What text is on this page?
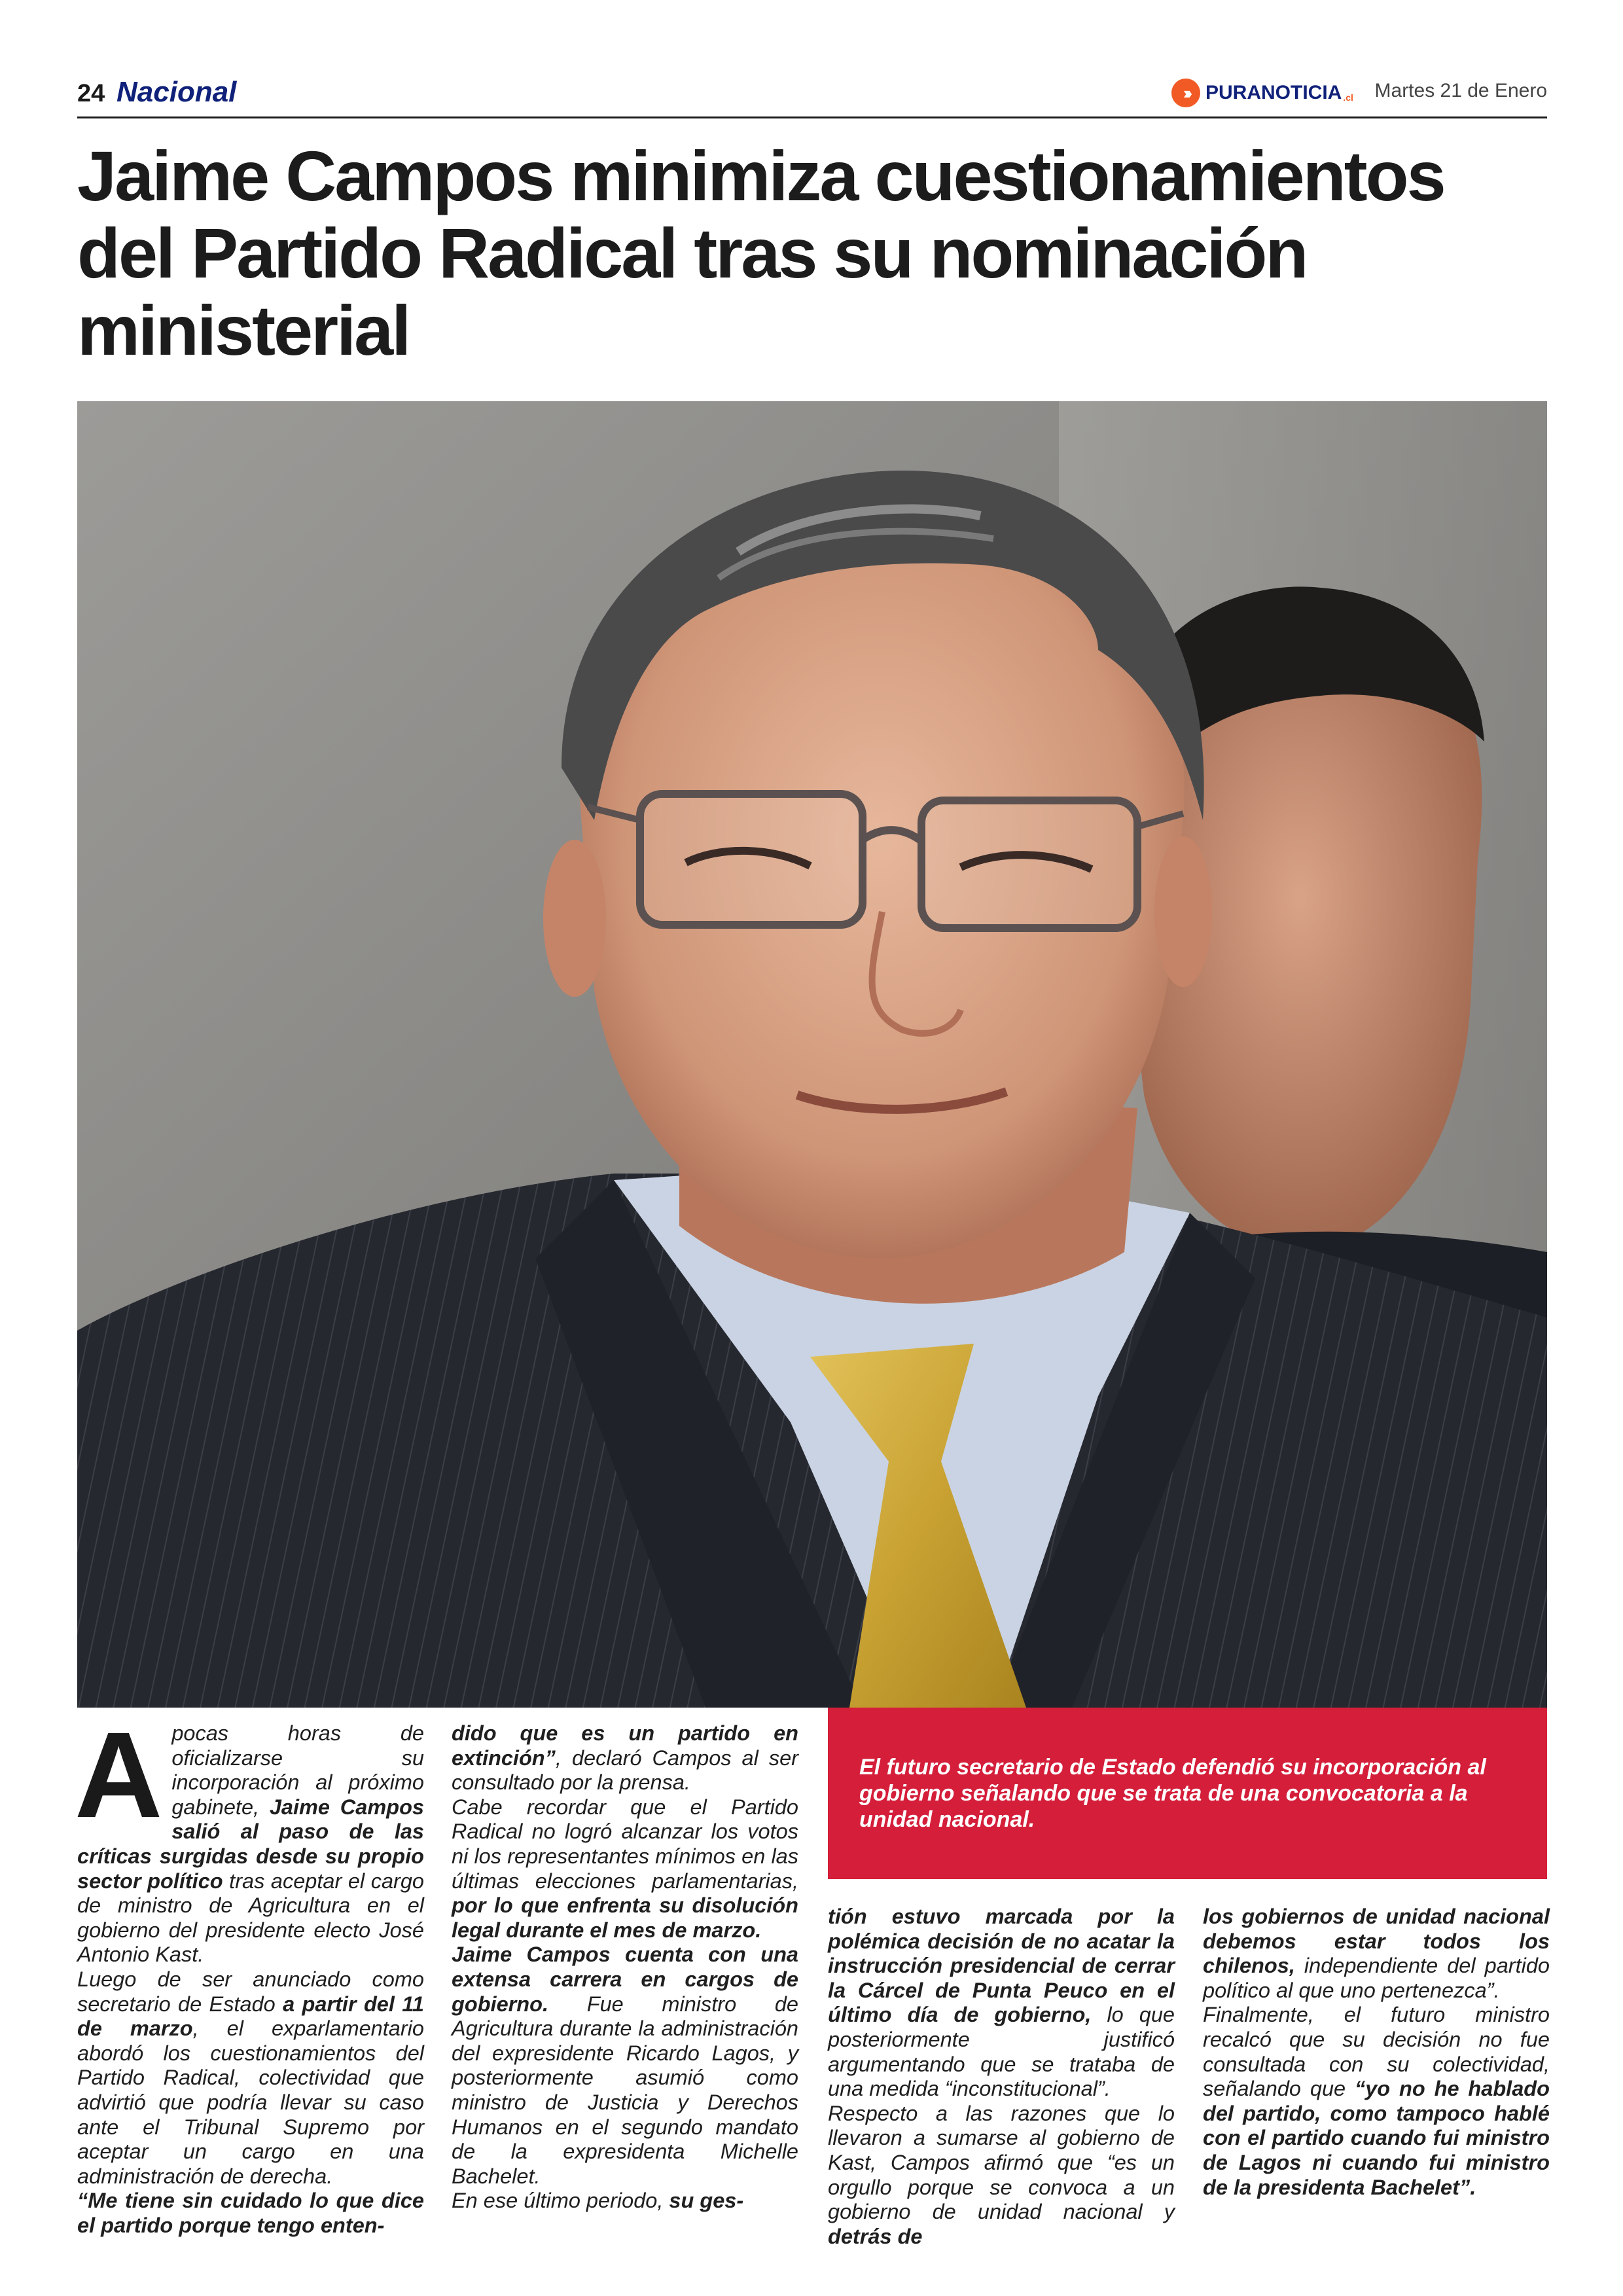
24 Nacional	››› PURANOTICIA .cl Martes 21 de Enero
Jaime Campos minimiza cuestionamientos del Partido Radical tras su nominación ministerial

A pocas horas de oficializarse su incorporación al próximo gabinete, Jaime Campos salió al paso de las críticas surgidas desde su propio sector político tras aceptar el cargo de ministro de Agricultura en el gobierno del presidente electo José Antonio Kast.

Luego de ser anunciado como secretario de Estado a partir del 11 de marzo, el exparlamentario abordó los cuestionamientos del Partido Radical, colectividad que advirtió que podría llevar su caso ante el Tribunal Supremo por aceptar un cargo en una administración de derecha.

“Me tiene sin cuidado lo que dice el partido porque tengo enten-

dido que es un partido en extinción”, declaró Campos al ser consultado por la prensa.

Cabe recordar que el Partido Radical no logró alcanzar los votos ni los representantes mínimos en las últimas elecciones parlamentarias, por lo que enfrenta su disolución legal durante el mes de marzo.

Jaime Campos cuenta con una extensa carrera en cargos de gobierno. Fue ministro de Agricultura durante la administración del expresidente Ricardo Lagos, y posteriormente asumió como ministro de Justicia y Derechos Humanos en el segundo mandato de la expresidenta Michelle Bachelet.

En ese último periodo, su ges-

El futuro secretario de Estado defendió su incorporación al gobierno señalando que se trata de una convocatoria a la unidad nacional.

tión estuvo marcada por la polémica decisión de no acatar la instrucción presidencial de cerrar la Cárcel de Punta Peuco en el último día de gobierno, lo que posteriormente justificó argumentando que se trataba de una medida “inconstitucional”.

Respecto a las razones que lo llevaron a sumarse al gobierno de Kast, Campos afirmó que “es un orgullo porque se convoca a un gobierno de unidad nacional y detrás de

los gobiernos de unidad nacional debemos estar todos los chilenos, independiente del partido político al que uno pertenezca”.

Finalmente, el futuro ministro recalcó que su decisión no fue consultada con su colectividad, señalando que “yo no he hablado del partido, como tampoco hablé con el partido cuando fui ministro de Lagos ni cuando fui ministro de la presidenta Bachelet”.
